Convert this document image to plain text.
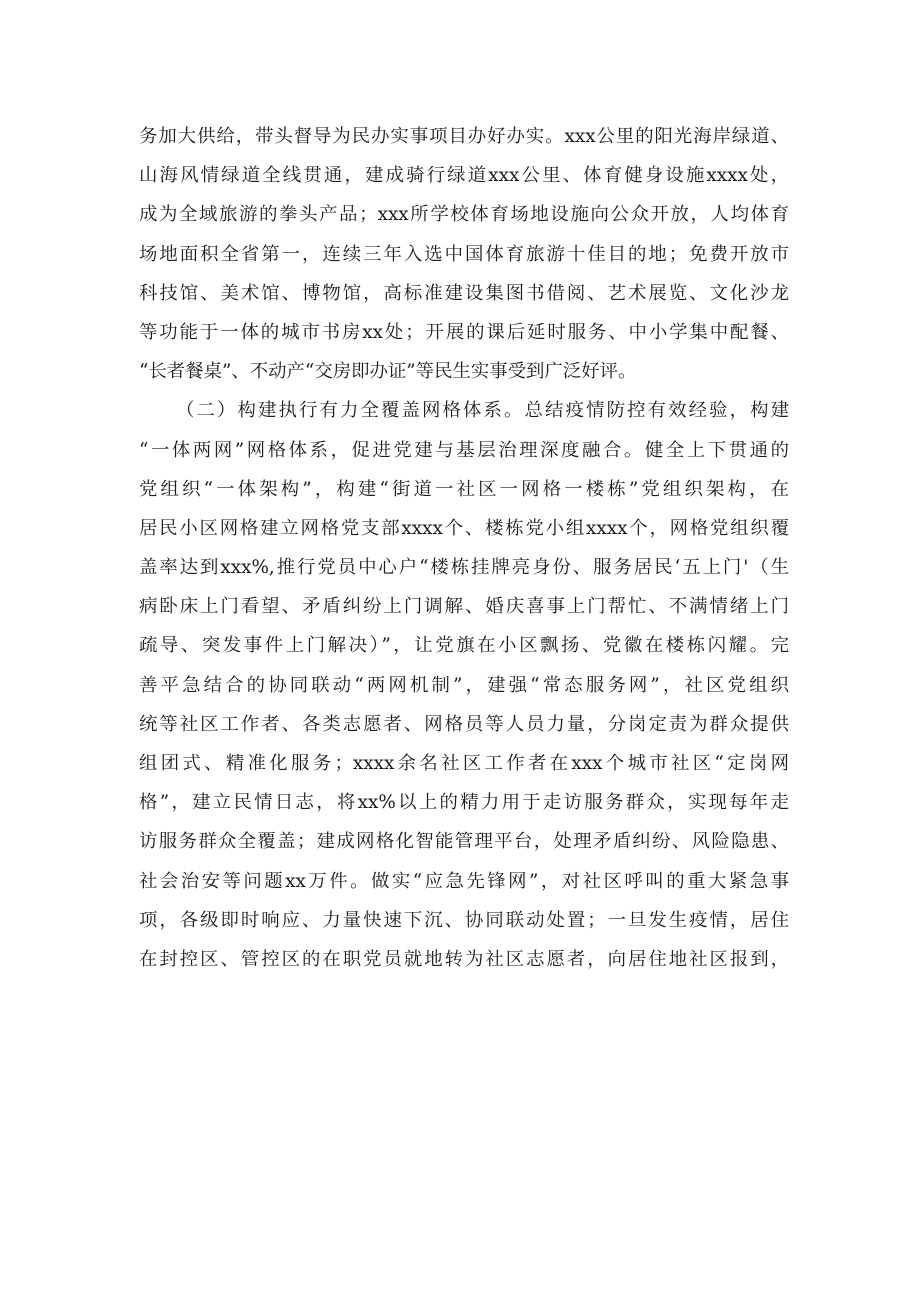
务加大供给，带头督导为民办实事项目办好办实。xxx公里的阳光海岸绿道、
山海风情绿道全线贯通，建成骑行绿道xxx公里、体育健身设施xxxx处，
成为全域旅游的拳头产品；xxx所学校体育场地设施向公众开放，人均体育
场地面积全省第一，连续三年入选中国体育旅游十佳目的地；免费开放市
科技馆、美术馆、博物馆，高标准建设集图书借阅、艺术展览、文化沙龙
等功能于一体的城市书房xx处；开展的课后延时服务、中小学集中配餐、
“长者餐桌”、不动产“交房即办证”等民生实事受到广泛好评。
（二）构建执行有力全覆盖网格体系。总结疫情防控有效经验，构建
“一体两网”网格体系，促进党建与基层治理深度融合。健全上下贯通的
党组织“一体架构”，构建“街道一社区一网格一楼栋”党组织架构，在
居民小区网格建立网格党支部xxxx个、楼栋党小组xxxx个，网格党组织覆
盖率达到xxx%,推行党员中心户“楼栋挂牌亮身份、服务居民‘五上门'（生
病卧床上门看望、矛盾纠纷上门调解、婚庆喜事上门帮忙、不满情绪上门
疏导、突发事件上门解决）”，让党旗在小区飘扬、党徽在楼栋闪耀。完
善平急结合的协同联动“两网机制”，建强“常态服务网”，社区党组织
统等社区工作者、各类志愿者、网格员等人员力量，分岗定责为群众提供
组团式、精准化服务；xxxx余名社区工作者在xxx个城市社区“定岗网
格”，建立民情日志，将xx%以上的精力用于走访服务群众，实现每年走
访服务群众全覆盖；建成网格化智能管理平台，处理矛盾纠纷、风险隐患、
社会治安等问题xx万件。做实“应急先锋网”，对社区呼叫的重大紧急事
项，各级即时响应、力量快速下沉、协同联动处置；一旦发生疫情，居住
在封控区、管控区的在职党员就地转为社区志愿者，向居住地社区报到，
